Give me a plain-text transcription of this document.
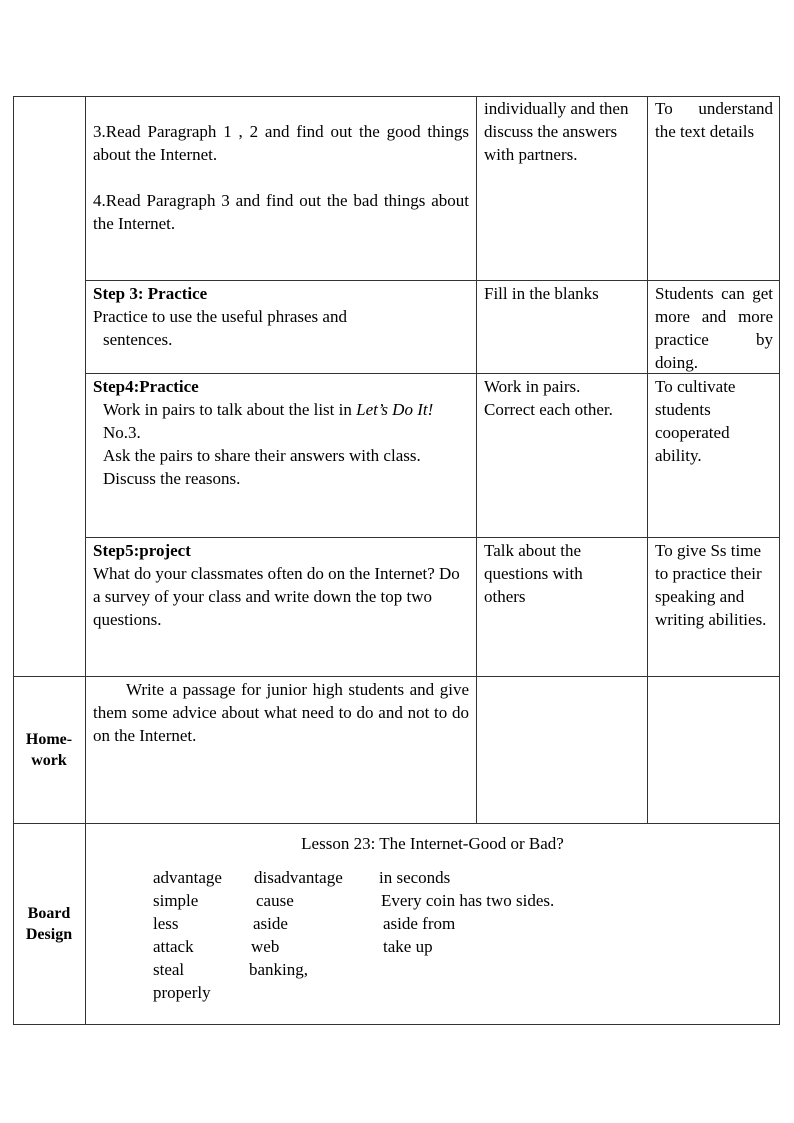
3.Read Paragraph 1 , 2 and find out the good things about the Internet.

4.Read Paragraph 3 and find out the bad things about the Internet.

individually and then discuss the answers with partners.
To understand the text details
Step 3: Practice
Practice to use the useful phrases and sentences.
Fill in the blanks	Students can get more and more practice by doing.
Step4:Practice
Work in pairs to talk about the list in Let’s Do It! No.3.
Ask the pairs to share their answers with class. Discuss the reasons.
Work in pairs.
Correct each other.
To cultivate students cooperated ability.
Step5:project
What do your classmates often do on the Internet? Do a survey of your class and write down the top two questions.
Talk about the questions with others
To give Ss time to practice their speaking and writing abilities.
Home-
work
Write a passage for junior high students and give them some advice about what need to do and not to do on the Internet.
Board
Design
Lesson 23: The Internet-Good or Bad?
advantage
simple
less
attack
steal
properly
disadvantage
cause
aside
web
banking,
in seconds
Every coin has two sides.
aside from
take up
